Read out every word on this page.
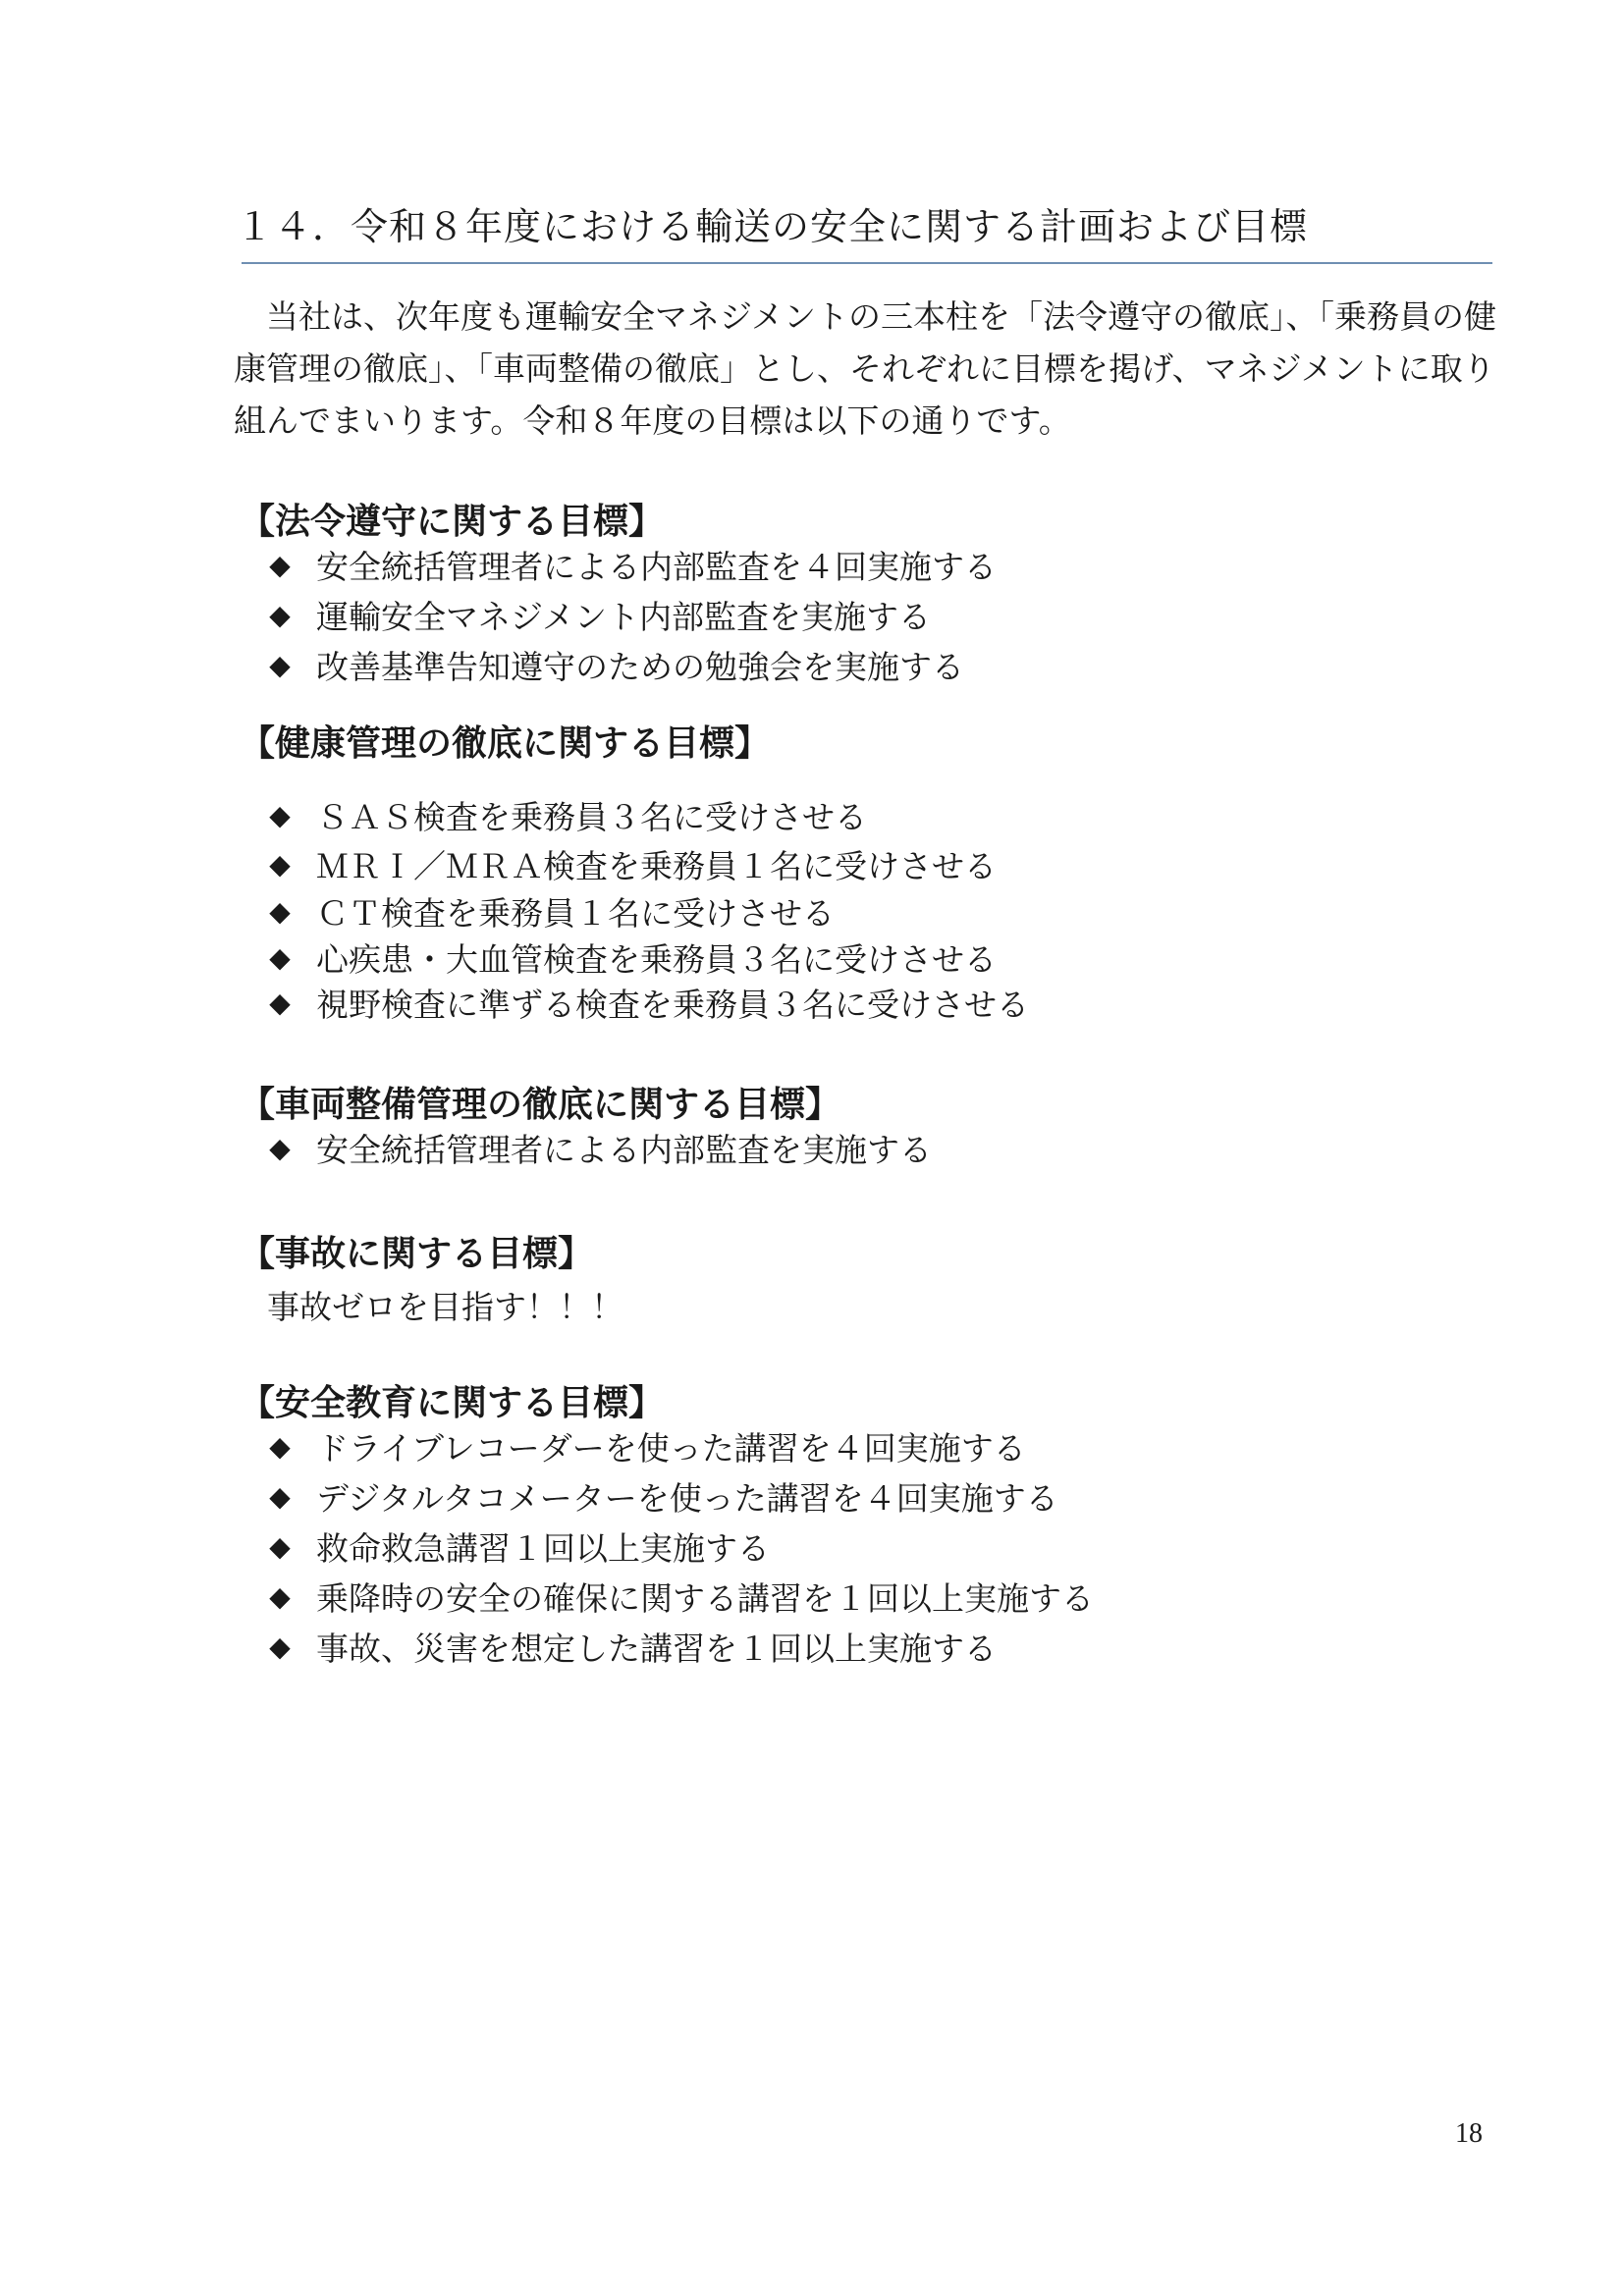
１４．令和８年度における輸送の安全に関する計画および目標

当社は、次年度も運輸安全マネジメントの三本柱を「法令遵守の徹底」、「乗務員の健康管理の徹底」、「車両整備の徹底」とし、それぞれに目標を掲げ、マネジメントに取り組んでまいります。令和８年度の目標は以下の通りです。

【法令遵守に関する目標】
◆ 安全統括管理者による内部監査を４回実施する
◆ 運輸安全マネジメント内部監査を実施する
◆ 改善基準告知遵守のための勉強会を実施する
【健康管理の徹底に関する目標】
◆ ＳＡＳ検査を乗務員３名に受けさせる
◆ ＭＲＩ／ＭＲＡ検査を乗務員１名に受けさせる
◆ ＣＴ検査を乗務員１名に受けさせる
◆ 心疾患・大血管検査を乗務員３名に受けさせる
◆ 視野検査に準ずる検査を乗務員３名に受けさせる
【車両整備管理の徹底に関する目標】
◆ 安全統括管理者による内部監査を実施する
【事故に関する目標】

事故ゼロを目指す！！！

【安全教育に関する目標】
◆ ドライブレコーダーを使った講習を４回実施する
◆ デジタルタコメーターを使った講習を４回実施する
◆ 救命救急講習１回以上実施する
◆ 乗降時の安全の確保に関する講習を１回以上実施する
◆ 事故、災害を想定した講習を１回以上実施する
18
